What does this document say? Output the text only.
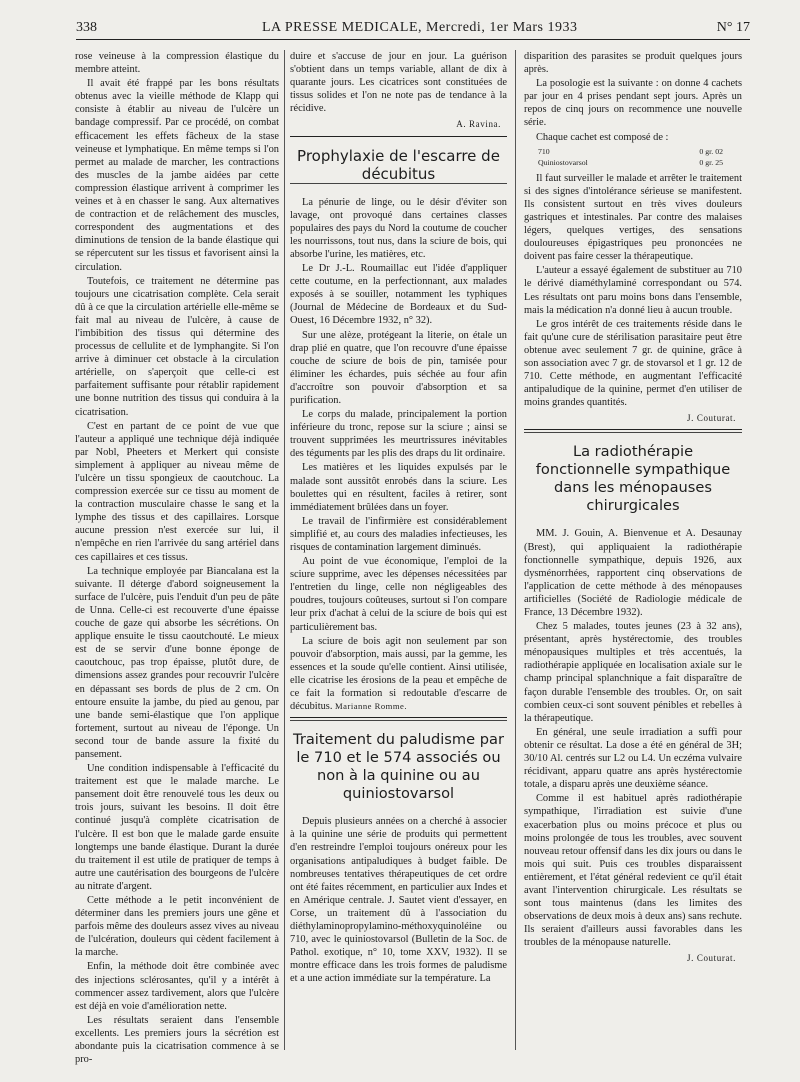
338	LA PRESSE MEDICALE, Mercredi, 1er Mars 1933	N° 17

rose veineuse à la compression élastique du membre atteint.

Il avait été frappé par les bons résultats obtenus avec la vieille méthode de Klapp qui consiste à établir au niveau de l'ulcère un bandage compressif. Par ce procédé, on combat efficacement les effets fâcheux de la stase veineuse et lymphatique. En même temps si l'on permet au malade de marcher, les contractions des muscles de la jambe aidées par cette compression élastique arrivent à comprimer les veines et à en chasser le sang. Aux alternatives de contraction et de relâchement des muscles, correspondent des augmentations et des diminutions de tension de la bande élastique qui se répercutent sur les tissus et favorisent ainsi la circulation.

Toutefois, ce traitement ne détermine pas toujours une cicatrisation complète. Cela serait dû à ce que la circulation artérielle elle-même se fait mal au niveau de l'ulcère, à cause de l'imbibition des tissus qui détermine des processus de cellulite et de lymphangite. Si l'on arrive à diminuer cet obstacle à la circulation artérielle, on s'aperçoit que celle-ci est parfaitement suffisante pour rétablir rapidement une bonne nutrition des tissus qui conduira à la cicatrisation.

C'est en partant de ce point de vue que l'auteur a appliqué une technique déjà indiquée par Nobl, Pheeters et Merkert qui consiste simplement à appliquer au niveau même de l'ulcère un tissu spongieux de caoutchouc. La compression exercée sur ce tissu au moment de la contraction musculaire chasse le sang et la lymphe des tissus et des capillaires. Lorsque aucune pression n'est exercée sur lui, il n'empêche en rien l'arrivée du sang artériel dans ces capillaires et ces tissus.

La technique employée par Biancalana est la suivante. Il déterge d'abord soigneusement la surface de l'ulcère, puis l'enduit d'un peu de pâte de Unna. Celle-ci est recouverte d'une épaisse couche de gaze qui absorbe les sécrétions. On applique ensuite le tissu caoutchouté. Le mieux est de se servir d'une bonne éponge de caoutchouc, pas trop épaisse, plutôt dure, de dimensions assez grandes pour recouvrir l'ulcère en dépassant ses bords de plus de 2 cm. On entoure ensuite la jambe, du pied au genou, par une bande semi-élastique que l'on applique fortement, surtout au niveau de l'éponge. Un second tour de bande assure la fixité du pansement.

Une condition indispensable à l'efficacité du traitement est que le malade marche. Le pansement doit être renouvelé tous les deux ou trois jours, suivant les besoins. Il doit être continué jusqu'à complète cicatrisation de l'ulcère. Il est bon que le malade garde ensuite longtemps une bande élastique. Durant la durée du traitement il est utile de pratiquer de temps à autre une cautérisation des bourgeons de l'ulcère au nitrate d'argent.

Cette méthode a le petit inconvénient de déterminer dans les premiers jours une gêne et parfois même des douleurs assez vives au niveau de l'ulcération, douleurs qui cèdent facilement à la marche.

Enfin, la méthode doit être combinée avec des injections sclérosantes, qu'il y a intérêt à commencer assez tardivement, alors que l'ulcère est déjà en voie d'amélioration nette.

Les résultats seraient dans l'ensemble excellents. Les premiers jours la sécrétion est abondante puis la cicatrisation commence à se pro-

duire et s'accuse de jour en jour. La guérison s'obtient dans un temps variable, allant de dix à quarante jours. Les cicatrices sont constituées de tissus solides et l'on ne note pas de tendance à la récidive.

A. Ravina.
Prophylaxie de l'escarre de décubitus

La pénurie de linge, ou le désir d'éviter son lavage, ont provoqué dans certaines classes populaires des pays du Nord la coutume de coucher les nourrissons, tout nus, dans la sciure de bois, qui absorbe l'urine, les matières, etc.

Le Dr J.-L. Roumaillac eut l'idée d'appliquer cette coutume, en la perfectionnant, aux malades exposés à se souiller, notamment les typhiques (Journal de Médecine de Bordeaux et du Sud-Ouest, 16 Décembre 1932, n° 32).

Sur une alèze, protégeant la literie, on étale un drap plié en quatre, que l'on recouvre d'une épaisse couche de sciure de bois de pin, tamisée pour éliminer les échardes, puis séchée au four afin d'accroître son pouvoir d'absorption et sa purification.

Le corps du malade, principalement la portion inférieure du tronc, repose sur la sciure ; ainsi se trouvent supprimées les meurtrissures inévitables des téguments par les plis des draps du lit ordinaire.

Les matières et les liquides expulsés par le malade sont aussitôt enrobés dans la sciure. Les boulettes qui en résultent, faciles à retirer, sont immédiatement brûlées dans un foyer.

Le travail de l'infirmière est considérablement simplifié et, au cours des maladies infectieuses, les risques de contamination largement diminués.

Au point de vue économique, l'emploi de la sciure supprime, avec les dépenses nécessitées par l'entretien du linge, celle non négligeables des poudres, toujours coûteuses, surtout si l'on compare leur prix d'achat à celui de la sciure de bois qui est particulièrement bas.

La sciure de bois agit non seulement par son pouvoir d'absorption, mais aussi, par la gemme, les essences et la soude qu'elle contient. Ainsi utilisée, elle cicatrise les érosions de la peau et empêche de ce fait la formation si redoutable d'escarre de décubitus. Marianne Romme.

Traitement du paludisme par le 710 et le 574 associés ou non à la quinine ou au quiniostovarsol

Depuis plusieurs années on a cherché à associer à la quinine une série de produits qui permettent d'en restreindre l'emploi toujours onéreux pour les organisations antipaludiques à budget faible. De nombreuses tentatives thérapeutiques de cet ordre ont été faites récemment, en particulier aux Indes et en Amérique centrale. J. Sautet vient d'essayer, en Corse, un traitement dû à l'association du diéthylaminopropylamino-méthoxyquinoléine ou 710, avec le quiniostovarsol (Bulletin de la Soc. de Pathol. exotique, n° 10, tome XXV, 1932). Il se montre efficace dans les trois formes de paludisme et a une action immédiate sur la température. La

disparition des parasites se produit quelques jours après.

La posologie est la suivante : on donne 4 cachets par jour en 4 prises pendant sept jours. Après un repos de cinq jours on recommence une nouvelle série.

Chaque cachet est composé de :

710	0 gr. 02
Quiniostovarsol	0 gr. 25

Il faut surveiller le malade et arrêter le traitement si des signes d'intolérance sérieuse se manifestent. Ils consistent surtout en très vives douleurs gastriques et intestinales. Par contre des malaises légers, quelques vertiges, des sensations douloureuses épigastriques peu prononcées ne doivent pas faire cesser la thérapeutique.

L'auteur a essayé également de substituer au 710 le dérivé diaméthylaminé correspondant ou 574. Les résultats ont paru moins bons dans l'ensemble, mais la médication n'a donné lieu à aucun trouble.

Le gros intérêt de ces traitements réside dans le fait qu'une cure de stérilisation parasitaire peut être obtenue avec seulement 7 gr. de quinine, grâce à son association avec 7 gr. de stovarsol et 1 gr. 12 de 710. Cette méthode, en augmentant l'efficacité antipaludique de la quinine, permet d'en utiliser de moins grandes quantités.

J. Couturat.
La radiothérapie fonctionnelle sympathique dans les ménopauses chirurgicales

MM. J. Gouin, A. Bienvenue et A. Desaunay (Brest), qui appliquaient la radiothérapie fonctionnelle sympathique, depuis 1926, aux dysménorrhées, rapportent cinq observations de l'application de cette méthode à des ménopauses artificielles (Société de Radiologie médicale de France, 13 Décembre 1932).

Chez 5 malades, toutes jeunes (23 à 32 ans), présentant, après hystérectomie, des troubles ménopausiques multiples et très accentués, la radiothérapie appliquée en localisation axiale sur le champ principal splanchnique a fait disparaître de façon durable l'ensemble des troubles. Or, on sait combien ceux-ci sont souvent pénibles et rebelles à la thérapeutique.

En général, une seule irradiation a suffi pour obtenir ce résultat. La dose a été en général de 3H; 30/10 Al. centrés sur L2 ou L4. Un eczéma vulvaire récidivant, apparu quatre ans après hystérectomie totale, a disparu après une deuxième séance.

Comme il est habituel après radiothérapie sympathique, l'irradiation est suivie d'une exacerbation plus ou moins précoce et plus ou moins prolongée de tous les troubles, avec souvent nouveau retour offensif dans les dix jours ou dans le mois qui suit. Puis ces troubles disparaissent entièrement, et l'état général redevient ce qu'il était avant l'intervention chirurgicale. Les résultats se sont tous maintenus (dans les limites des observations de deux mois à deux ans) sans rechute. Ils seraient d'ailleurs aussi favorables dans les troubles de la ménopause naturelle.

J. Couturat.
